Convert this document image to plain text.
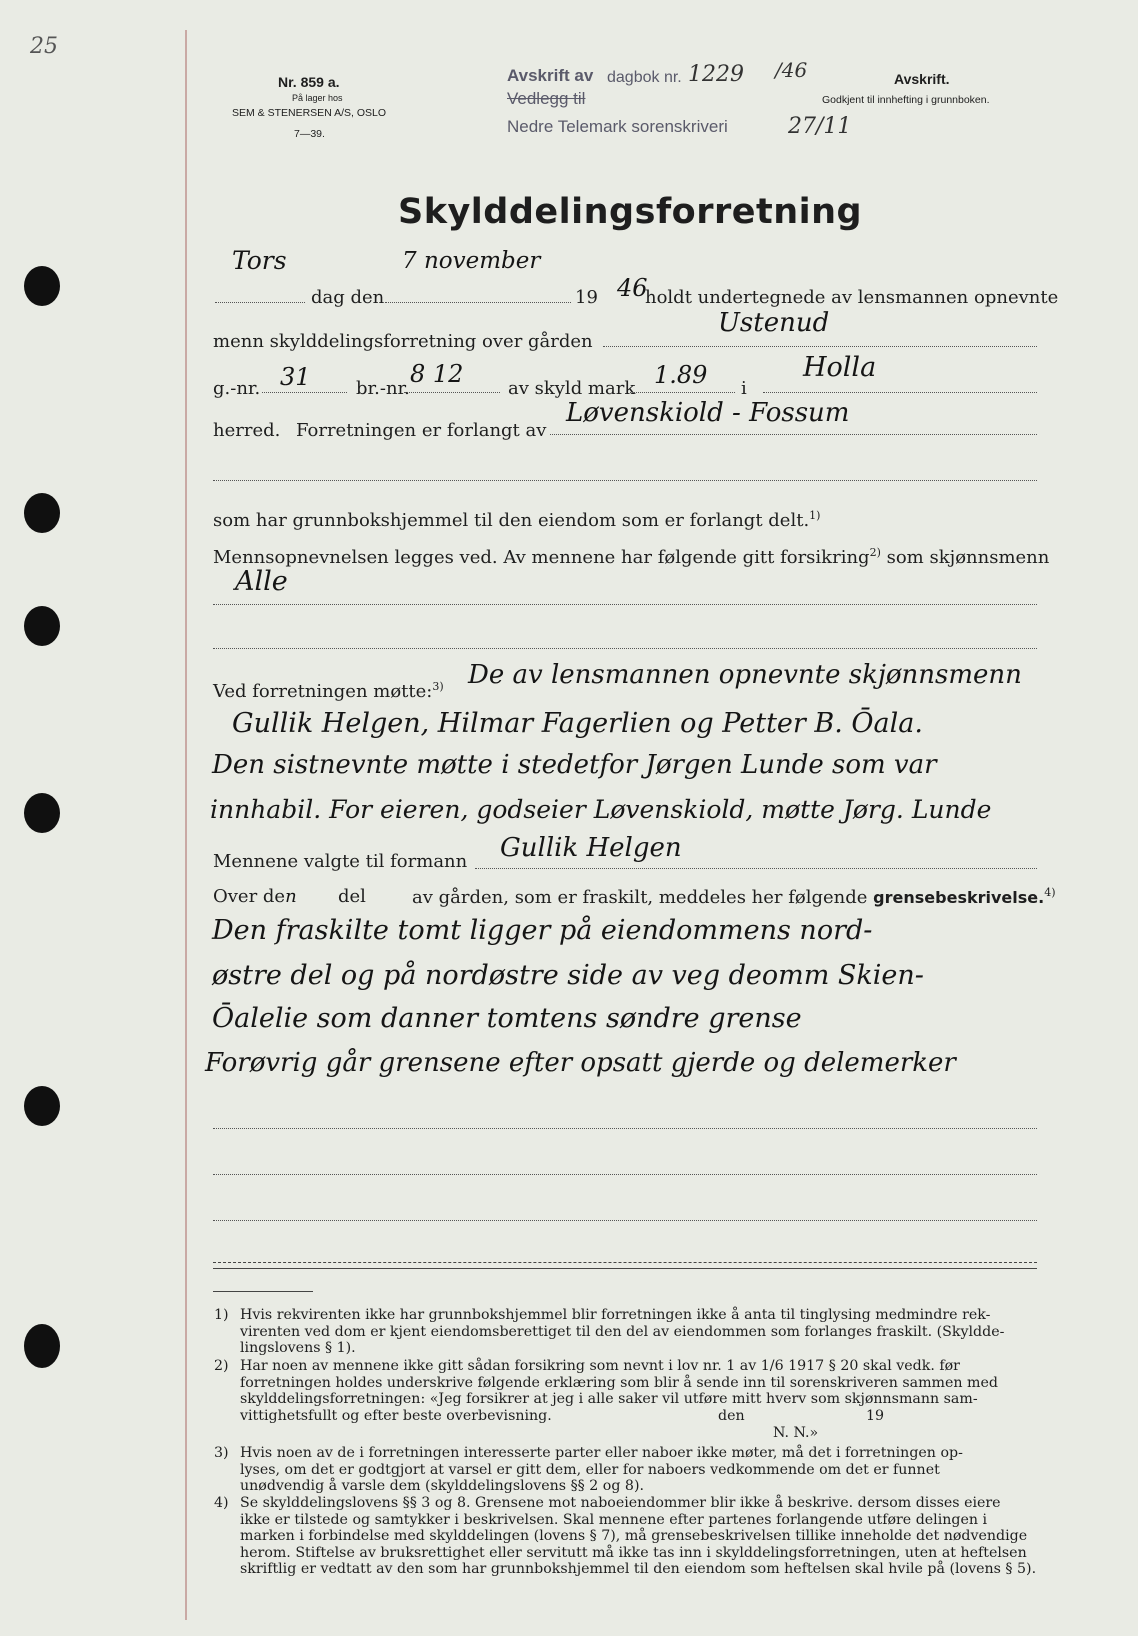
25
Nr. 859 a.
På lager hos
SEM & STENERSEN A/S, OSLO
7—39.
Avskrift av dagbok nr. 1229 /46
Vedlegg til
Nedre Telemark sorenskriveri	27/11
Avskrift.
Godkjent til innhefting i grunnboken.
Skylddelingsforretning
Tors
dag den
7 november
19 46
holdt undertegnede av lensmannen opnevnte
menn skylddelingsforretning over gården
Ustenud
g.-nr. 31	br.-nr.
8 12
av skyld mark 1.89 i
Holla
herred. Forretningen er forlangt av
Løvenskiold - Fossum
som har grunnbokshjemmel til den eiendom som er forlangt delt.$^{1)}$
Mennsopnevnelsen legges ved. Av mennene har følgende gitt forsikring$^{2)}$ som skjønnsmenn
Alle
Ved forretningen møtte:$^{3)}$ De av lensmannen opnevnte skjønnsmenn
Gullik Helgen, Hilmar Fagerlien og Petter B. Ōala.
Den sistnevnte møtte i stedetfor Jørgen Lunde som var
innhabil. For eieren, godseier Løvenskiold, møtte Jørg. Lunde
Mennene valgte til formann Gullik Helgen
Over den del	av gården, som er fraskilt, meddeles her følgende grensebeskrivelse.$^{4)}$
Den fraskilte tomt ligger på eiendommens nord-
østre del og på nordøstre side av veg deomm Skien-
Ōalelie som danner tomtens søndre grense
Forøvrig går grensene efter opsatt gjerde og delemerker
1) Hvis rekvirenten ikke har grunnbokshjemmel blir forretningen ikke å anta til tinglysing medmindre rek-
virenten ved dom er kjent eiendomsberettiget til den del av eiendommen som forlanges fraskilt. (Skyldde-
lingslovens § 1).
2) Har noen av mennene ikke gitt sådan forsikring som nevnt i lov nr. 1 av 1/6 1917 § 20 skal vedk. før
forretningen holdes underskrive følgende erklæring som blir å sende inn til sorenskriveren sammen med
skylddelingsforretningen: «Jeg forsikrer at jeg i alle saker vil utføre mitt hverv som skjønnsmann sam-
vittighetsfullt og efter beste overbevisning.	den	19
N. N.»
3) Hvis noen av de i forretningen interesserte parter eller naboer ikke møter, må det i forretningen op-
lyses, om det er godtgjort at varsel er gitt dem, eller for naboers vedkommende om det er funnet
unødvendig å varsle dem (skylddelingslovens §§ 2 og 8).
4) Se skylddelingslovens §§ 3 og 8. Grensene mot naboeiendommer blir ikke å beskrive. dersom disses eiere
ikke er tilstede og samtykker i beskrivelsen. Skal mennene efter partenes forlangende utføre delingen i
marken i forbindelse med skylddelingen (lovens § 7), må grensebeskrivelsen tillike inneholde det nødvendige
herom. Stiftelse av bruksrettighet eller servitutt må ikke tas inn i skylddelingsforretningen, uten at heftelsen
skriftlig er vedtatt av den som har grunnbokshjemmel til den eiendom som heftelsen skal hvile på (lovens § 5).
